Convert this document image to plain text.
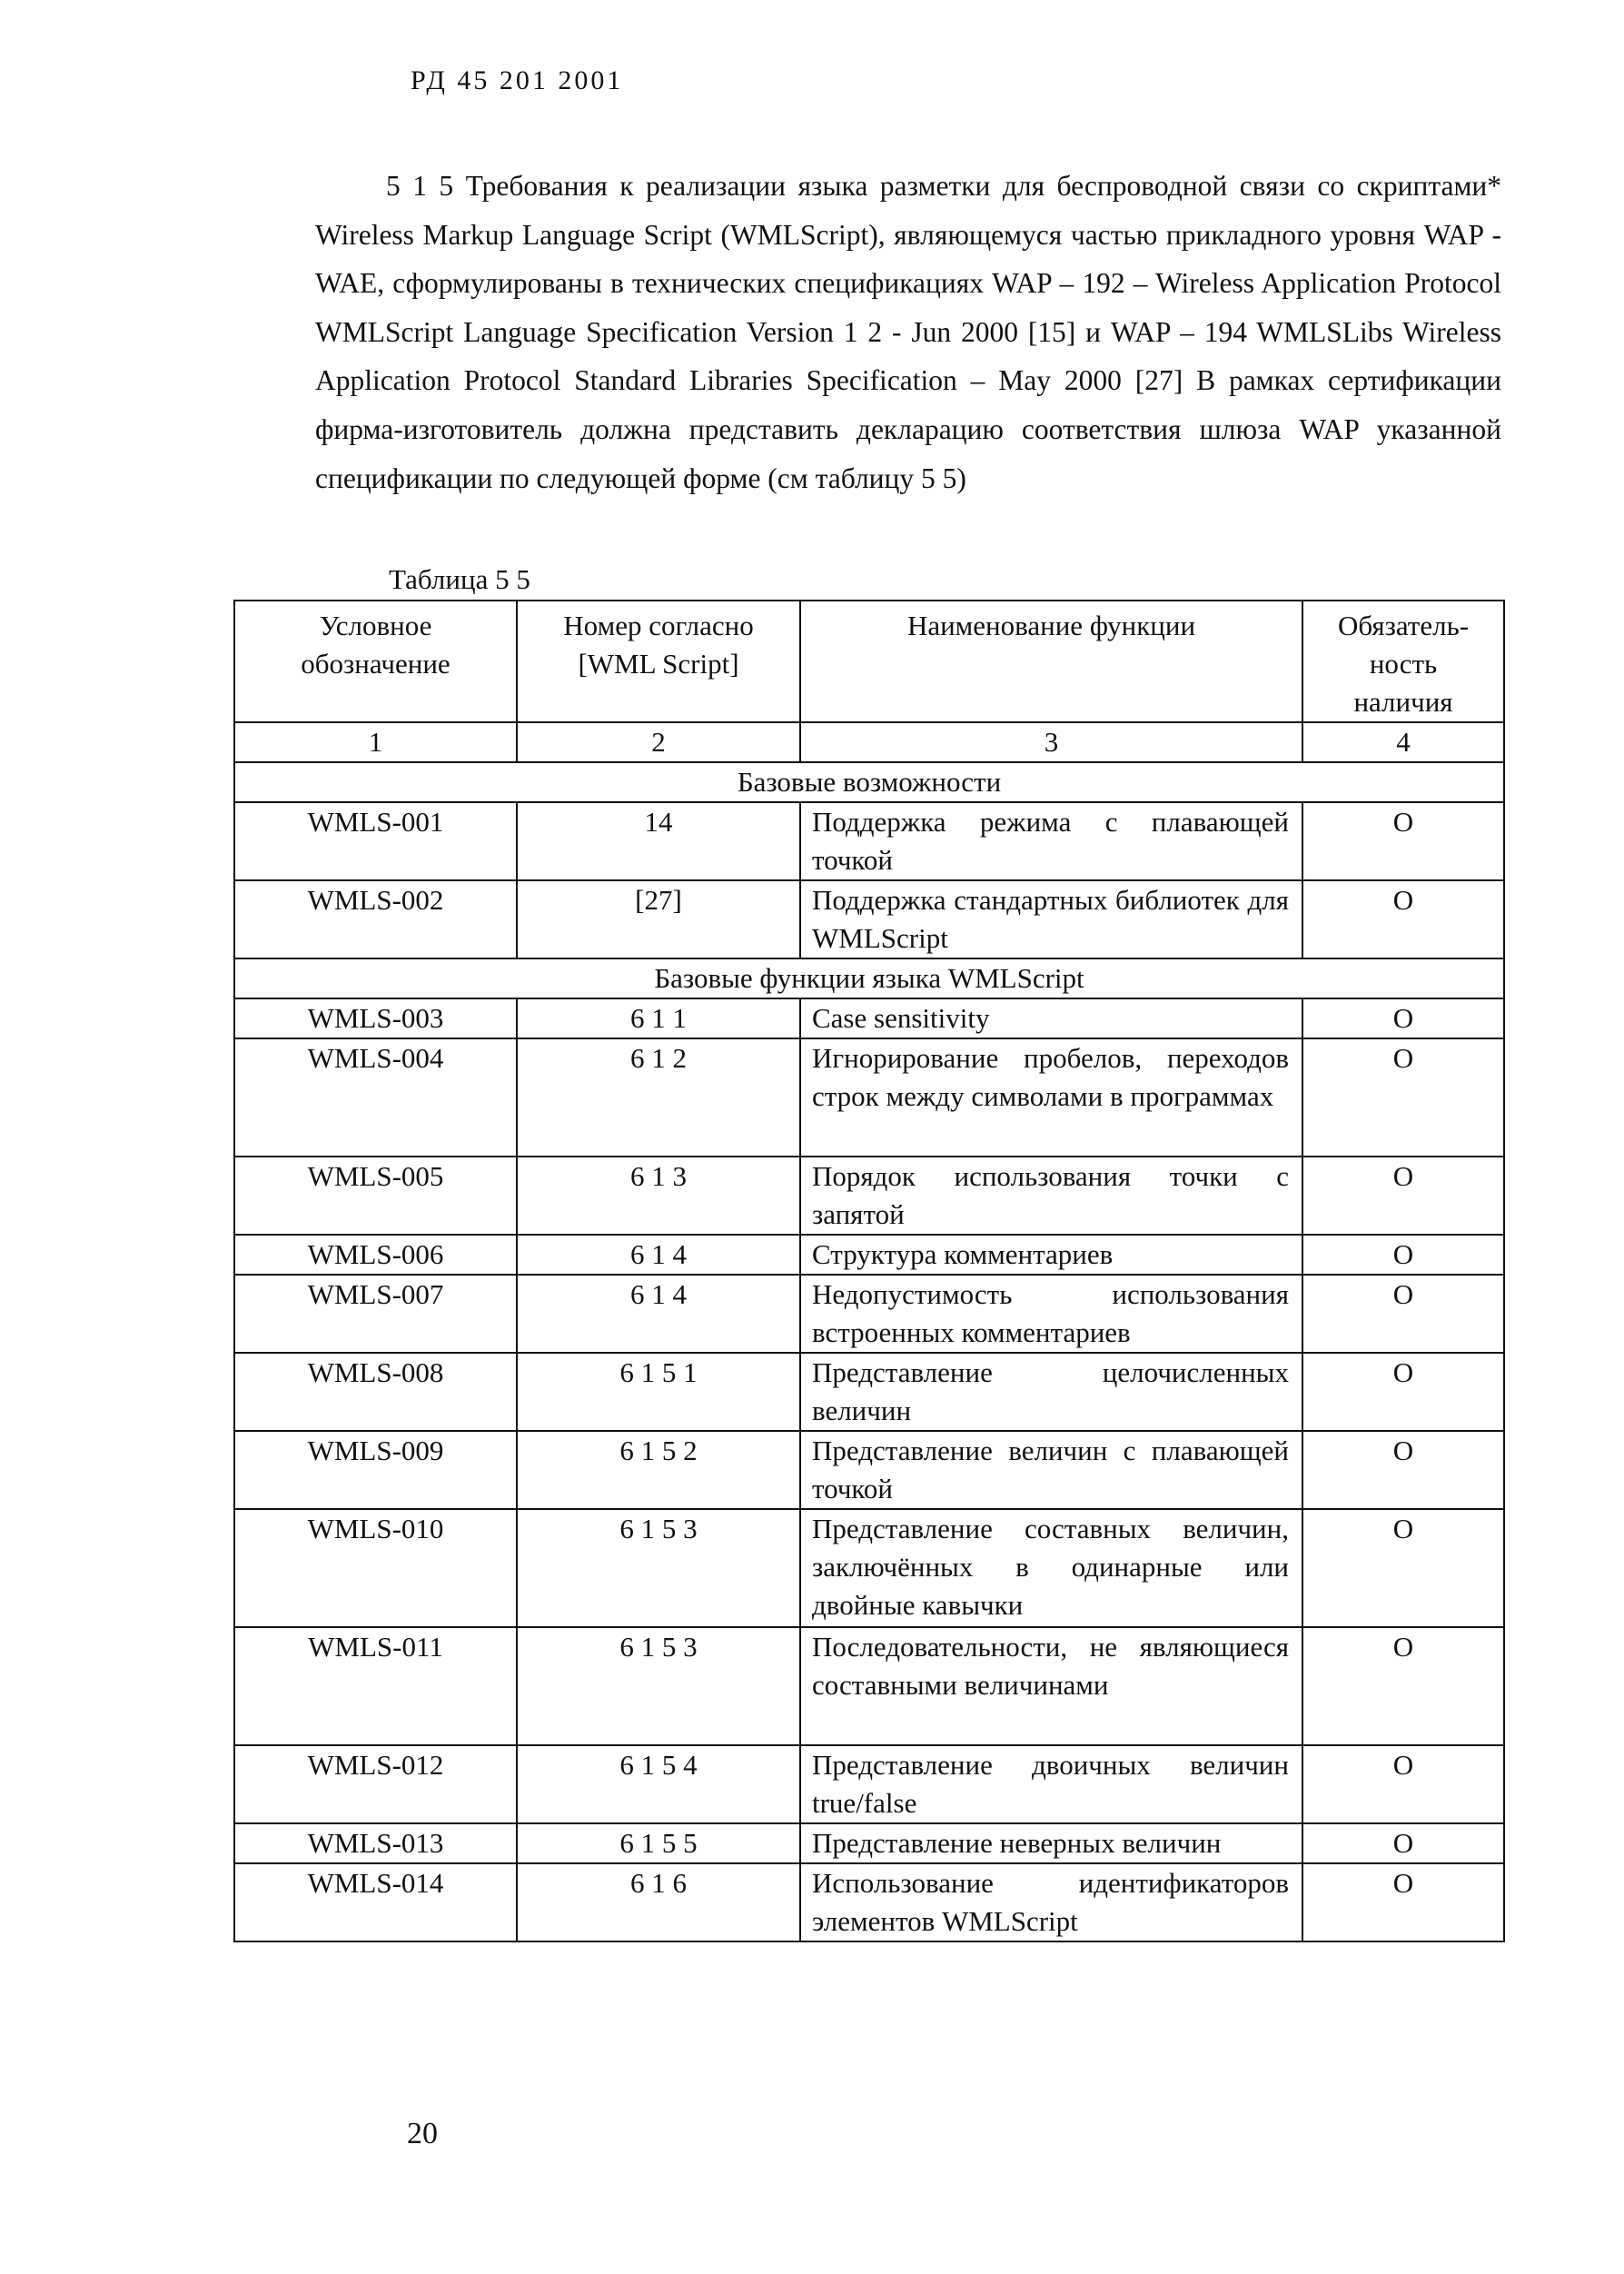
РД 45 201 2001

5 1 5 Требования к реализации языка разметки для беспроводной связи со скриптами* Wireless Markup Language Script (WMLScript), являющемуся частью прикладного уровня WAP - WAE, сформулированы в технических спецификациях WAP – 192 – Wireless Application Protocol WMLScript Language Specification Version 1 2 - Jun 2000 [15] и WAP – 194 WMLSLibs Wireless Application Protocol Standard Libraries Specification – May 2000 [27] В рамках сертификации фирма-изготовитель должна представить декларацию соответствия шлюза WAP указанной спецификации по следующей форме (см таблицу 5 5)

Таблица 5 5
Условное обозначение	Номер согласно [WML Script]	Наименование функции	Обязатель-ность наличия
1	2	3	4
Базовые возможности			
WMLS-001	14	Поддержка режима с плавающей точкой	O
WMLS-002	[27]	Поддержка стандартных библиотек для WMLScript	O
Базовые функции языка WMLScript			
WMLS-003	6 1 1	Case sensitivity	O
WMLS-004	6 1 2	Игнорирование пробелов, переходов строк между символами в программах	O
WMLS-005	6 1 3	Порядок использования точки с запятой	O
WMLS-006	6 1 4	Структура комментариев	O
WMLS-007	6 1 4	Недопустимость использования встроенных комментариев	O
WMLS-008	6 1 5 1	Представление целочисленных величин	O
WMLS-009	6 1 5 2	Представление величин с плавающей точкой	O
WMLS-010	6 1 5 3	Представление составных величин, заключённых в одинарные или двойные кавычки	O
WMLS-011	6 1 5 3	Последовательности, не являющиеся составными величинами	O
WMLS-012	6 1 5 4	Представление двоичных величин true/false	O
WMLS-013	6 1 5 5	Представление неверных величин	O
WMLS-014	6 1 6	Использование идентификаторов элементов WMLScript	O
20
